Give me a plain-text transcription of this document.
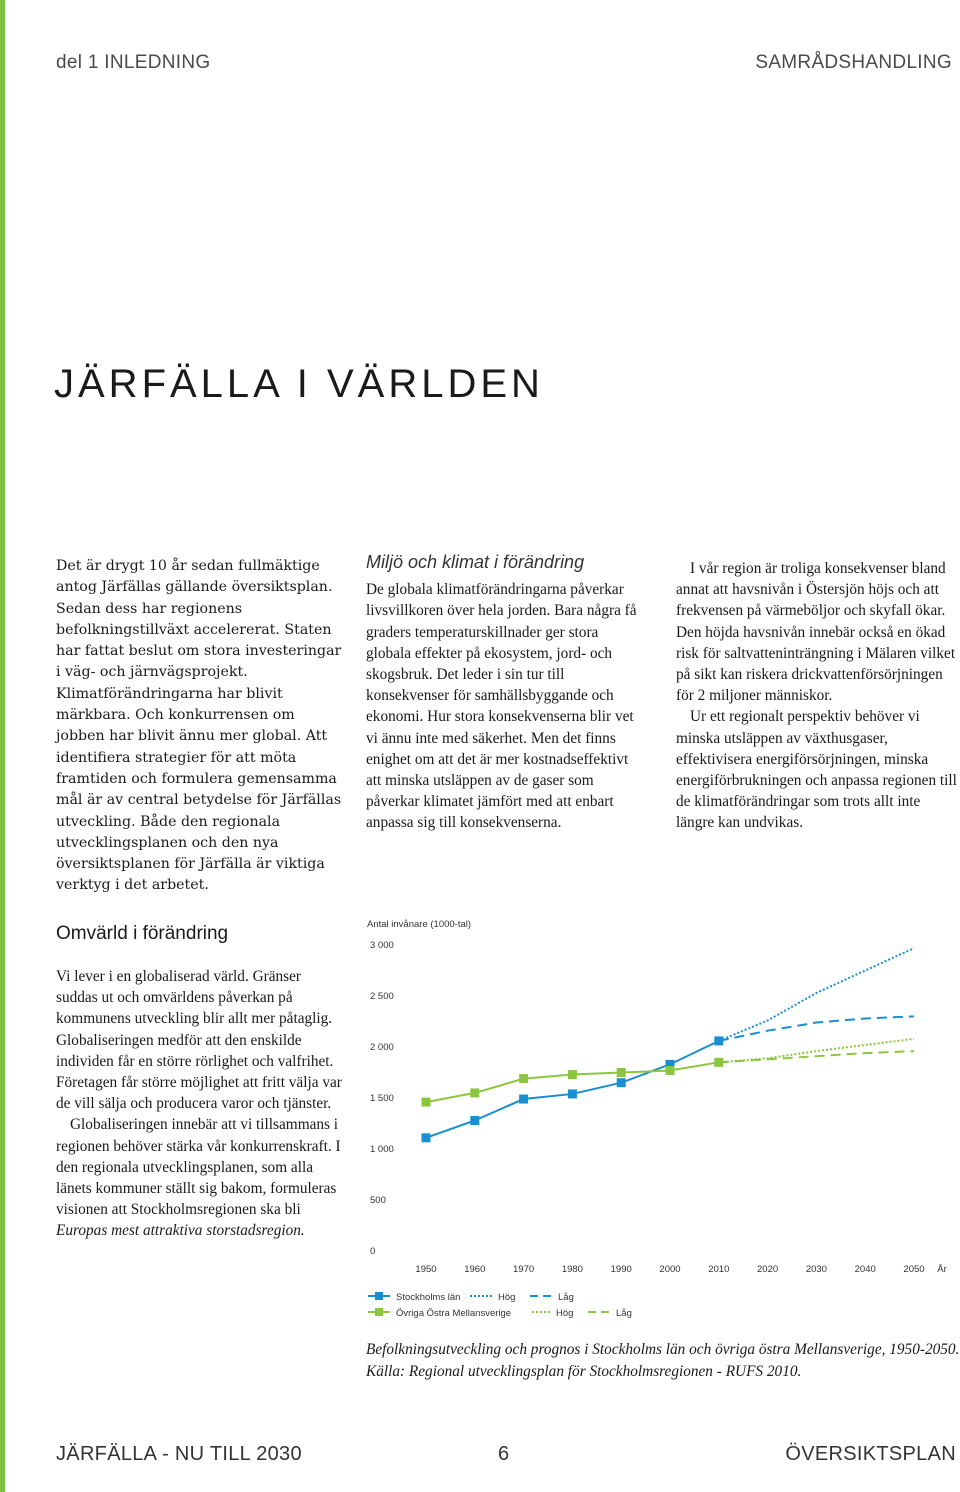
del 1 INLEDNING	SAMRÅDSHANDLING
JÄRFÄLLA I VÄRLDEN

Det är drygt 10 år sedan fullmäktige antog Järfällas gällande översiktsplan. Sedan dess har regionens befolkningstillväxt accelererat. Staten har fattat beslut om stora investeringar i väg- och järnvägsprojekt. Klimatförändringarna har blivit märkbara. Och konkurrensen om jobben har blivit ännu mer global. Att identifiera strategier för att möta framtiden och formulera gemensamma mål är av central betydelse för Järfällas utveckling. Både den regionala utvecklingsplanen och den nya översiktsplanen för Järfälla är viktiga verktyg i det arbetet.

Omvärld i förändring

Vi lever i en globaliserad värld. Gränser suddas ut och omvärldens påverkan på kommunens utveckling blir allt mer påtaglig. Globaliseringen medför att den enskilde individen får en större rörlighet och valfrihet. Företagen får större möjlighet att fritt välja var de vill sälja och producera varor och tjänster.

Globaliseringen innebär att vi tillsammans i regionen behöver stärka vår konkurrenskraft. I den regionala utvecklingsplanen, som alla länets kommuner ställt sig bakom, formuleras visionen att Stockholmsregionen ska bli Europas mest attraktiva storstadsregion.

Miljö och klimat i förändring

De globala klimatförändringarna påverkar livsvillkoren över hela jorden. Bara några få graders temperaturskillnader ger stora globala effekter på ekosystem, jord- och skogsbruk. Det leder i sin tur till konsekvenser för samhällsbyggande och ekonomi. Hur stora konsekvenserna blir vet vi ännu inte med säkerhet. Men det finns enighet om att det är mer kostnadseffektivt att minska utsläppen av de gaser som påverkar klimatet jämfört med att enbart anpassa sig till konsekvenserna.

I vår region är troliga konsekvenser bland annat att havsnivån i Östersjön höjs och att frekvensen på värmeböljor och skyfall ökar. Den höjda havsnivån innebär också en ökad risk för saltvatteninträngning i Mälaren vilket på sikt kan riskera drickvattenförsörjningen för 2 miljoner människor.

Ur ett regionalt perspektiv behöver vi minska utsläppen av växthusgaser, effektivisera energiförsörjningen, minska energiförbrukningen och anpassa regionen till de klimatförändringar som trots allt inte längre kan undvikas.

Antal invånare (1000-tal)
0
500
1 000
1 500
2 000
2 500
3 000
1950	1960	1970	1980	1990	2000	2010	2020	2030	2040	2050 År
Stockholms län	Hög	Låg
Övriga Östra Mellansverige	Hög	Låg

Befolkningsutveckling och prognos i Stockholms län och övriga östra Mellansverige, 1950-2050. Källa: Regional utvecklingsplan för Stockholmsregionen - RUFS 2010.

JÄRFÄLLA - NU TILL 2030	6	ÖVERSIKTSPLAN
